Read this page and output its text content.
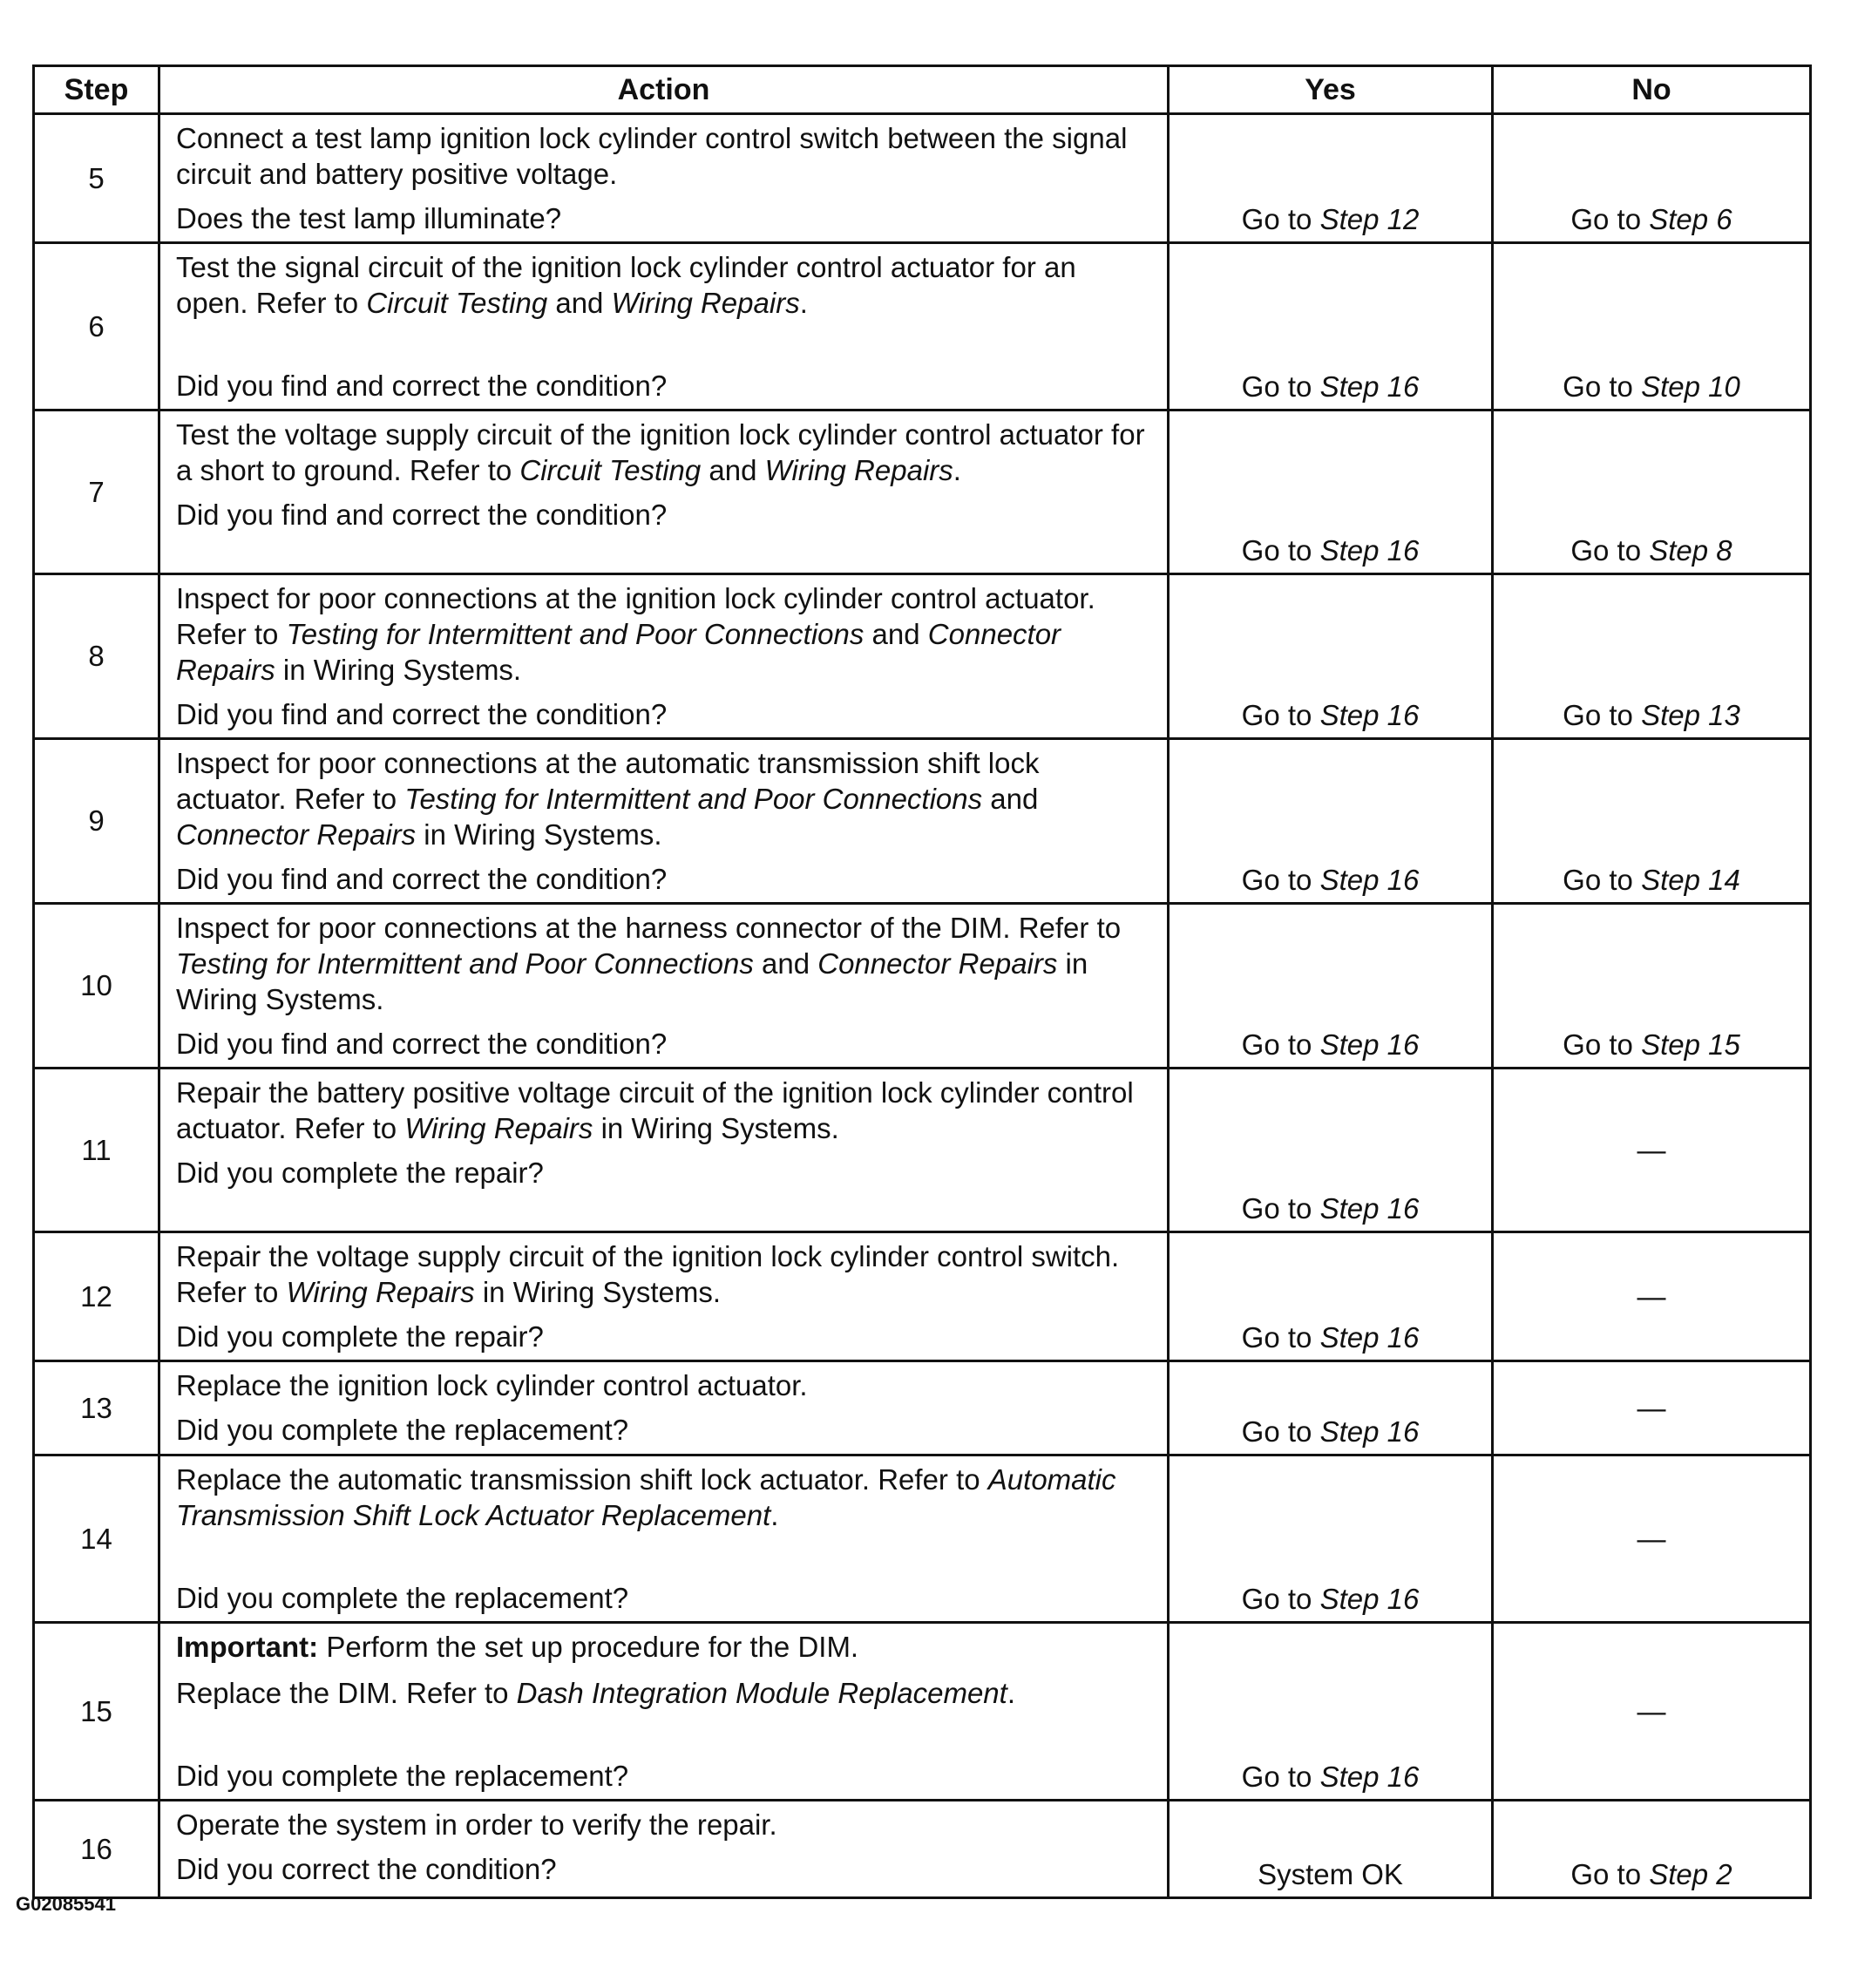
Step	Action	Yes	No
5	Connect a test lamp ignition lock cylinder control switch between the signal circuit and battery positive voltage.
Does the test lamp illuminate?	Go to Step 12	Go to Step 6

6	Test the signal circuit of the ignition lock cylinder control actuator for an open. Refer to Circuit Testing and Wiring Repairs.
Did you find and correct the condition?	Go to Step 16	Go to Step 10

7	Test the voltage supply circuit of the ignition lock cylinder control actuator for a short to ground. Refer to Circuit Testing and Wiring Repairs.
Did you find and correct the condition?	Go to Step 16	Go to Step 8

8	Inspect for poor connections at the ignition lock cylinder control actuator. Refer to Testing for Intermittent and Poor Connections and Connector Repairs in Wiring Systems.
Did you find and correct the condition?	Go to Step 16	Go to Step 13

9	Inspect for poor connections at the automatic transmission shift lock actuator. Refer to Testing for Intermittent and Poor Connections and Connector Repairs in Wiring Systems.
Did you find and correct the condition?	Go to Step 16	Go to Step 14

10	Inspect for poor connections at the harness connector of the DIM. Refer to Testing for Intermittent and Poor Connections and Connector Repairs in Wiring Systems.
Did you find and correct the condition?	Go to Step 16	Go to Step 15

11	Repair the battery positive voltage circuit of the ignition lock cylinder control actuator. Refer to Wiring Repairs in Wiring Systems.
Did you complete the repair?	Go to Step 16	—

12	Repair the voltage supply circuit of the ignition lock cylinder control switch. Refer to Wiring Repairs in Wiring Systems.
Did you complete the repair?	Go to Step 16	—

13	Replace the ignition lock cylinder control actuator.
Did you complete the replacement?	Go to Step 16	—

14	Replace the automatic transmission shift lock actuator. Refer to Automatic Transmission Shift Lock Actuator Replacement.
Did you complete the replacement?	Go to Step 16	—

15	Important: Perform the set up procedure for the DIM.
Replace the DIM. Refer to Dash Integration Module Replacement.
Did you complete the replacement?	Go to Step 16	—

16	Operate the system in order to verify the repair.
Did you correct the condition?	System OK	Go to Step 2
G02085541
